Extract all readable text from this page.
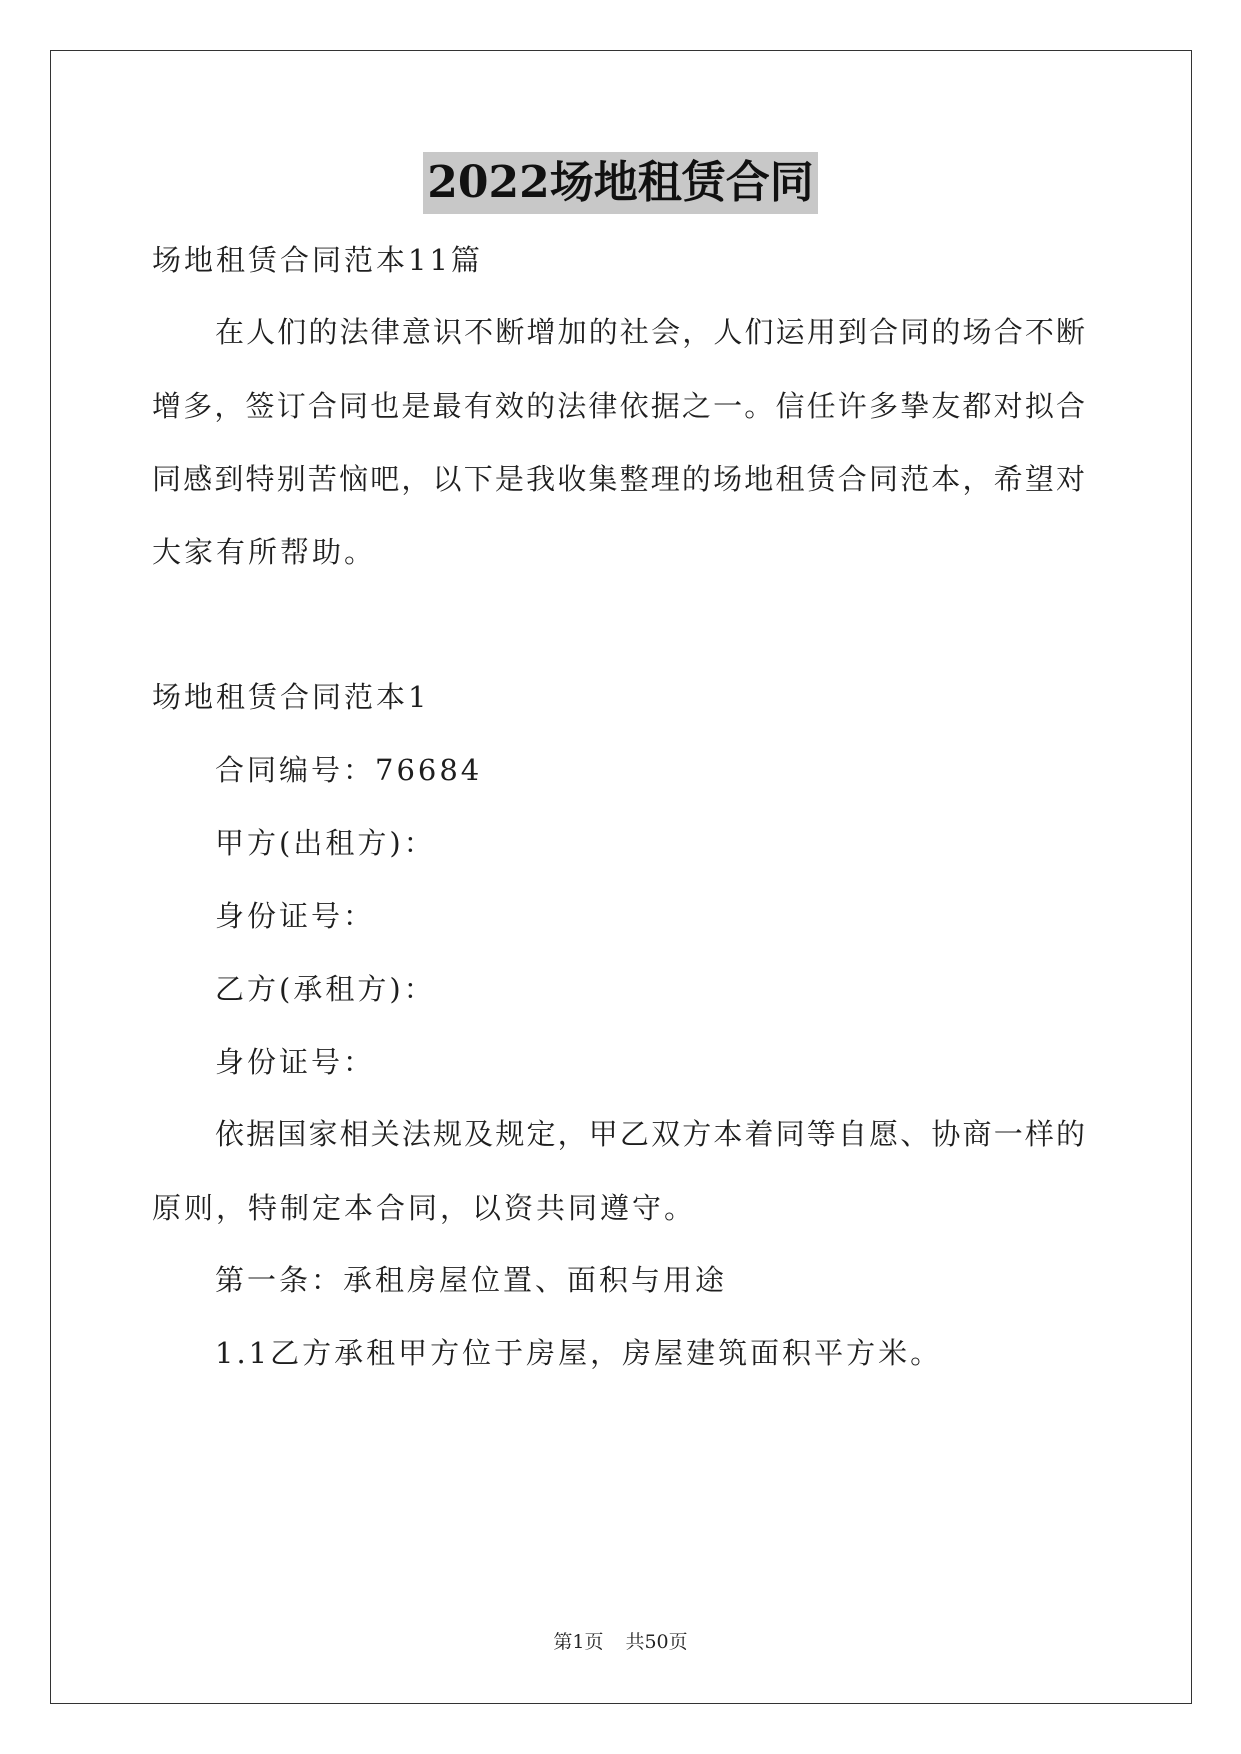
2022场地租赁合同
场地租赁合同范本11篇
在人们的法律意识不断增加的社会，人们运用到合同的场合不断
增多，签订合同也是最有效的法律依据之一。信任许多挚友都对拟合
同感到特别苦恼吧，以下是我收集整理的场地租赁合同范本，希望对
大家有所帮助。
场地租赁合同范本1
合同编号：76684
甲方(出租方)：
身份证号：
乙方(承租方)：
身份证号：
依据国家相关法规及规定，甲乙双方本着同等自愿、协商一样的
原则，特制定本合同，以资共同遵守。
第一条：承租房屋位置、面积与用途
1.1乙方承租甲方位于房屋，房屋建筑面积平方米。
第1页 共50页
